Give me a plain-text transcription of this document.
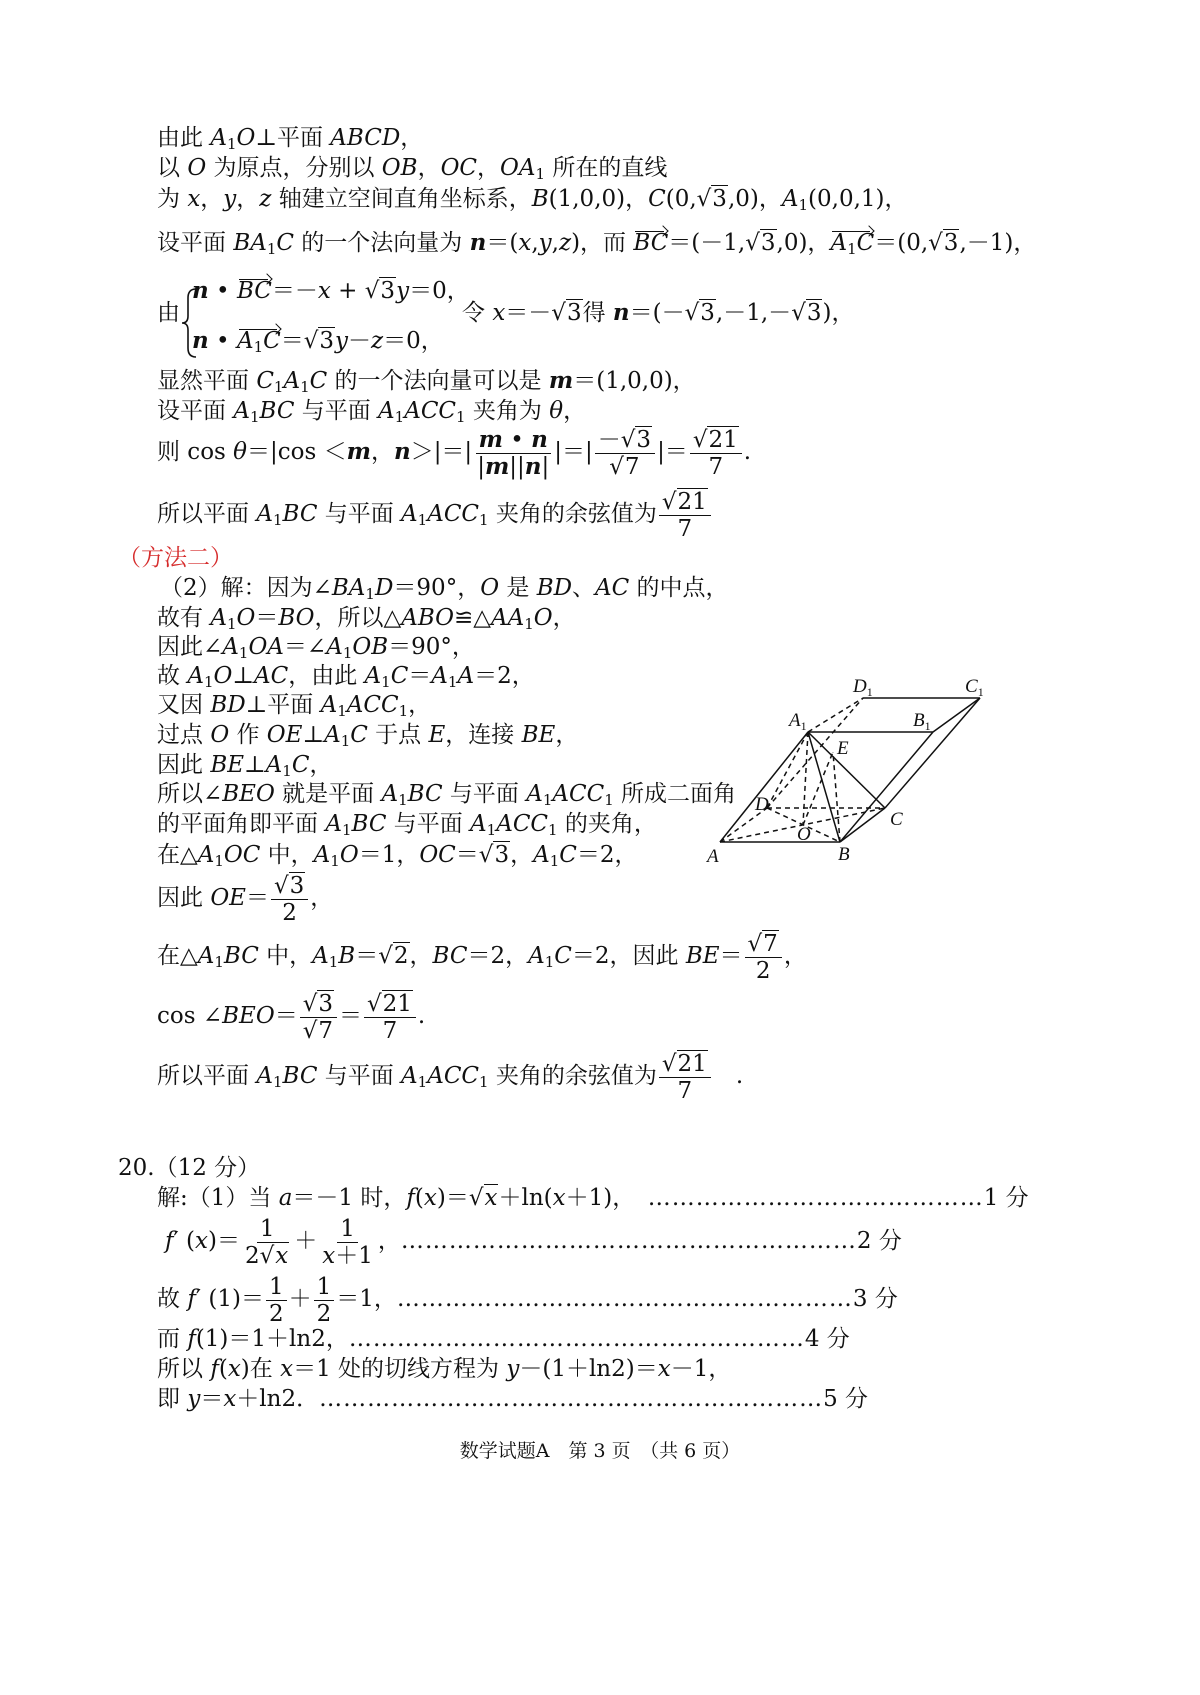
由此 $A_1O\perp$平面 ABCD，
以 O 为原点，分别以 OB，OC，$OA_1$ 所在的直线
为 x，y，z 轴建立空间直角坐标系，B(1,0,0)，C(0,√3,0)，$A_1(0,0,1)$，
设平面 $BA_1C$ 的一个法向量为 n＝(x,y,z)，而 BC＝(－1,√3,0)，$A_1C=(0,√3,-1)$，
由
n • BC＝－x + √3y＝0，
n • $A_1C=√3y-z=0$，
令 x＝－√3得 n＝(－√3,－1,－√3)，
显然平面 $C_1A_1C$ 的一个法向量可以是 m＝(1,0,0)，
设平面 $A_1BC$ 与平面 $A_1ACC_1$ 夹角为 θ，
则 cos θ＝|cos ＜m，$n>|=| \frac{m • n}{|m||n|}$ |＝| $\frac{-√3}{√7}$ |＝ $\frac{√21}{7}$ .
所以平面 $A_1BC$ 与平面 $A_1ACC_1$ 夹角的余弦值为 $\frac{√21}{7}$
（方法二）
（2）解：因为$\angle BA_1D=90^\circ$，O 是 BD、AC 的中点，
故有 $A_1O=BO$，所以$\triangle ABO≌\triangle AA_1O$，
因此$\angle A_1OA=\angle A_1OB=90^\circ$，
故 $A_1O\perp AC$，由此 $A_1C=A_1A=2$，
又因 BD⊥平面 $A_1ACC_1$，
过点 O 作 $OE\perp A_1C$ 于点 E，连接 BE，
因此 $BE\perp A_1C$，
所以∠BEO 就是平面 $A_1BC$ 与平面 $A_1ACC_1$ 所成二面角
的平面角即平面 $A_1BC$ 与平面 $A_1ACC_1$ 的夹角，
在$\triangle A_1OC$ 中，$A_1O=1$，OC＝√3，$A_1C=2$，
因此 $OE= \frac{√3}{2}$ ，
在$\triangle A_1BC$ 中，$A_1B=√2$，BC＝2，$A_1C=2$，因此 $BE= \frac{√7}{2}$ ，
cos ∠BEO＝ $\frac{√3}{√7} = \frac{√21}{7}$ .
所以平面 $A_1BC$ 与平面 $A_1ACC_1$ 夹角的余弦值为 $\frac{√21}{7}$ 　.
A	B
C
D
O
E
$A_1$	$B_1$
$C_1$
$D_1$
20.（12 分）
解:（1）当 a＝－1 时，f(x)＝√x＋ln(x＋1)，　……………………………………1 分
f′ $(x)= \frac{1}{2√x} + \frac{1}{x+1}$ ，…………………………………………………2 分
故 f′ $(1)= \frac{1}{2} + \frac{1}{2} =1$，…………………………………………………3 分
而 f(1)＝1＋ln2，…………………………………………………4 分
所以 f(x)在 x＝1 处的切线方程为 y－(1＋ln2)＝x－1，
即 y＝x＋ln2．………………………………………………………5 分
数学试题A　第 3 页　（共 6 页）
